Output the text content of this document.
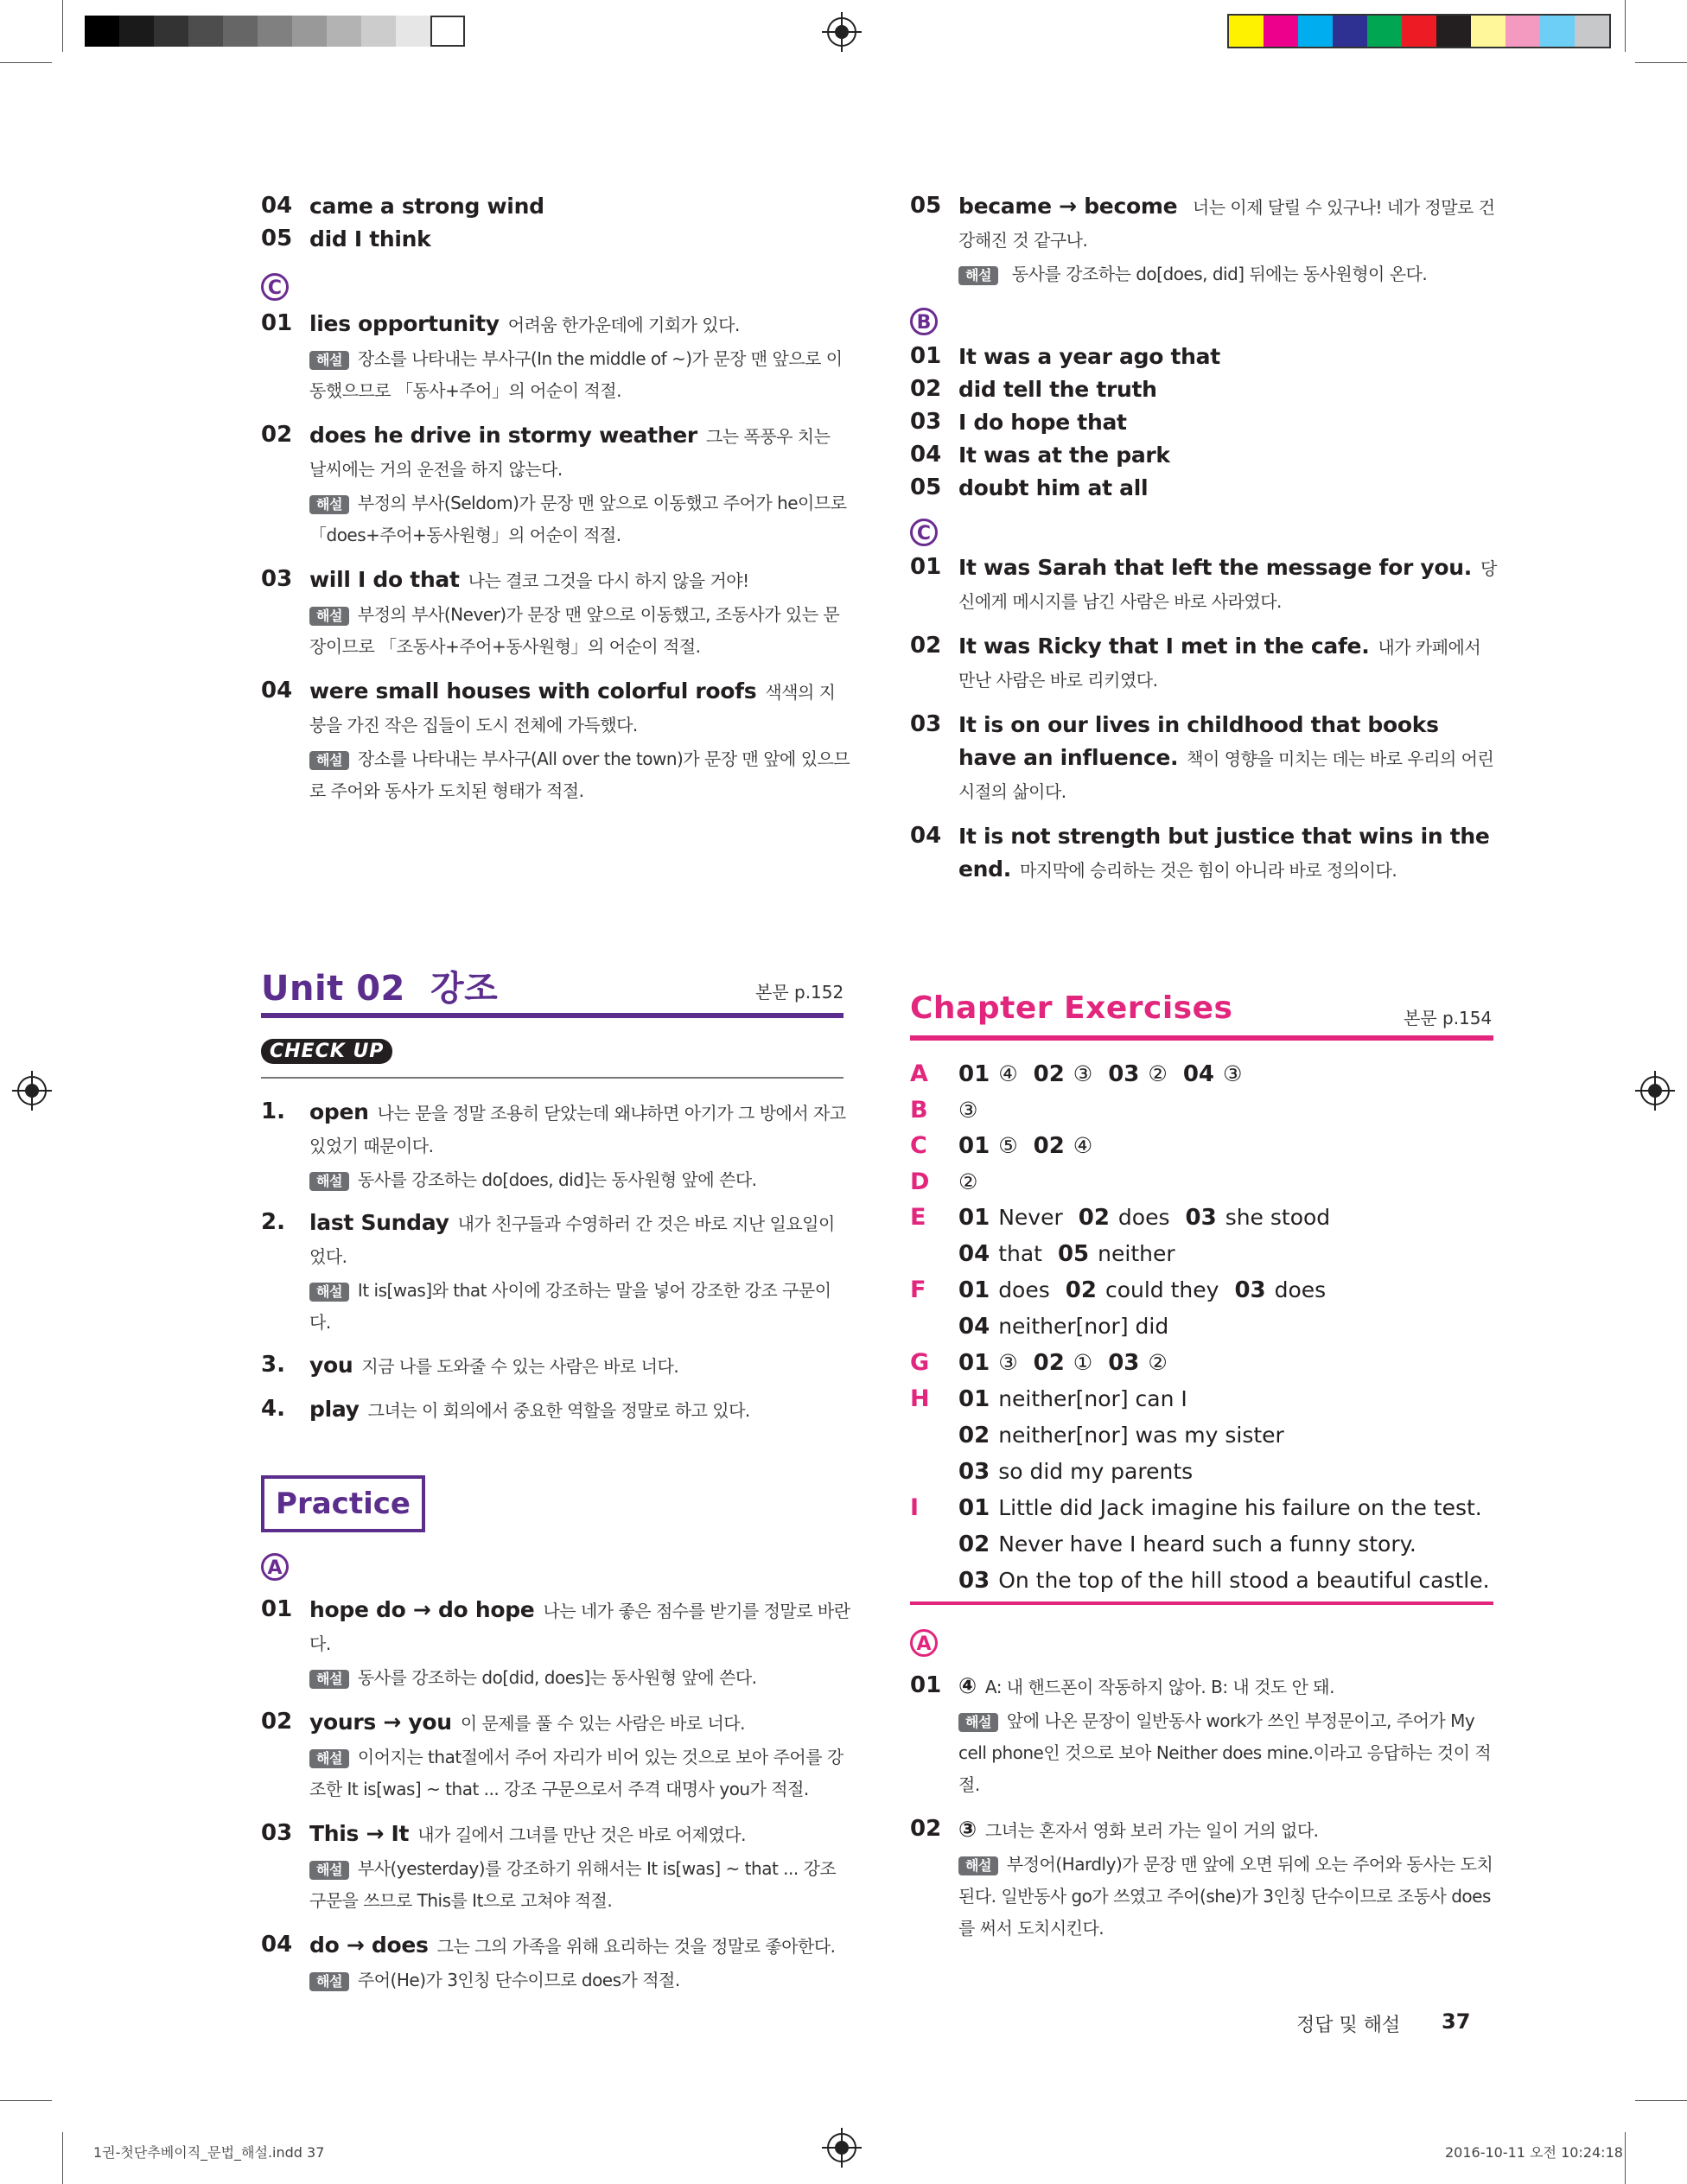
04 came a strong wind
05 did I think
C
01 lies opportunity 어려움 한가운데에 기회가 있다.
해설 장소를 나타내는 부사구(In the middle of ~)가 문장 맨 앞으로 이동했으므로 「동사+주어」의 어순이 적절.
02 does he drive in stormy weather 그는 폭풍우 치는 날씨에는 거의 운전을 하지 않는다.
해설 부정의 부사(Seldom)가 문장 맨 앞으로 이동했고 주어가 he이므로 「does+주어+동사원형」의 어순이 적절.
03 will I do that 나는 결코 그것을 다시 하지 않을 거야!
해설 부정의 부사(Never)가 문장 맨 앞으로 이동했고, 조동사가 있는 문장이므로 「조동사+주어+동사원형」의 어순이 적절.
04 were small houses with colorful roofs 색색의 지붕을 가진 작은 집들이 도시 전체에 가득했다.
해설 장소를 나타내는 부사구(All over the town)가 문장 맨 앞에 있으므로 주어와 동사가 도치된 형태가 적절.
05 became → become 너는 이제 달릴 수 있구나! 네가 정말로 건강해진 것 같구나.
해설 동사를 강조하는 do[does, did] 뒤에는 동사원형이 온다.
B
01 It was a year ago that
02 did tell the truth
03 I do hope that
04 It was at the park
05 doubt him at all
C
01 It was Sarah that left the message for you. 당신에게 메시지를 남긴 사람은 바로 사라였다.
02 It was Ricky that I met in the cafe. 내가 카페에서 만난 사람은 바로 리키였다.
03 It is on our lives in childhood that books have an influence. 책이 영향을 미치는 데는 바로 우리의 어린 시절의 삶이다.
04 It is not strength but justice that wins in the end. 마지막에 승리하는 것은 힘이 아니라 바로 정의이다.
Unit 02 강조	본문 p.152
CHECK UP
1. open 나는 문을 정말 조용히 닫았는데 왜냐하면 아기가 그 방에서 자고 있었기 때문이다.
해설 동사를 강조하는 do[does, did]는 동사원형 앞에 쓴다.
2. last Sunday 내가 친구들과 수영하러 간 것은 바로 지난 일요일이었다.
해설 It is[was]와 that 사이에 강조하는 말을 넣어 강조한 강조 구문이다.
3. you 지금 나를 도와줄 수 있는 사람은 바로 너다.
4. play 그녀는 이 회의에서 중요한 역할을 정말로 하고 있다.
Practice
A
01 hope do → do hope 나는 네가 좋은 점수를 받기를 정말로 바란다.
해설 동사를 강조하는 do[did, does]는 동사원형 앞에 쓴다.
02 yours → you 이 문제를 풀 수 있는 사람은 바로 너다.
해설 이어지는 that절에서 주어 자리가 비어 있는 것으로 보아 주어를 강조한 It is[was] ~ that ... 강조 구문으로서 주격 대명사 you가 적절.
03 This → It 내가 길에서 그녀를 만난 것은 바로 어제였다.
해설 부사(yesterday)를 강조하기 위해서는 It is[was] ~ that ... 강조 구문을 쓰므로 This를 It으로 고쳐야 적절.
04 do → does 그는 그의 가족을 위해 요리하는 것을 정말로 좋아한다.
해설 주어(He)가 3인칭 단수이므로 does가 적절.
Chapter Exercises	본문 p.154
A 01 ④ 02 ③ 03 ② 04 ③
B ③
C 01 ⑤ 02 ④
D ②
E 01 Never 02 does 03 she stood
04 that 05 neither
F 01 does 02 could they 03 does
04 neither[nor] did
G 01 ③ 02 ① 03 ②
H 01 neither[nor] can I
02 neither[nor] was my sister
03 so did my parents
I 01 Little did Jack imagine his failure on the test.
02 Never have I heard such a funny story.
03 On the top of the hill stood a beautiful castle.
A
01 ④ A: 내 핸드폰이 작동하지 않아. B: 내 것도 안 돼.
해설 앞에 나온 문장이 일반동사 work가 쓰인 부정문이고, 주어가 My cell phone인 것으로 보아 Neither does mine.이라고 응답하는 것이 적절.
02 ③ 그녀는 혼자서 영화 보러 가는 일이 거의 없다.
해설 부정어(Hardly)가 문장 맨 앞에 오면 뒤에 오는 주어와 동사는 도치된다. 일반동사 go가 쓰였고 주어(she)가 3인칭 단수이므로 조동사 does를 써서 도치시킨다.
정답 및 해설 37
1권-첫단추베이직_문법_해설.indd 37	2016-10-11 오전 10:24:18
